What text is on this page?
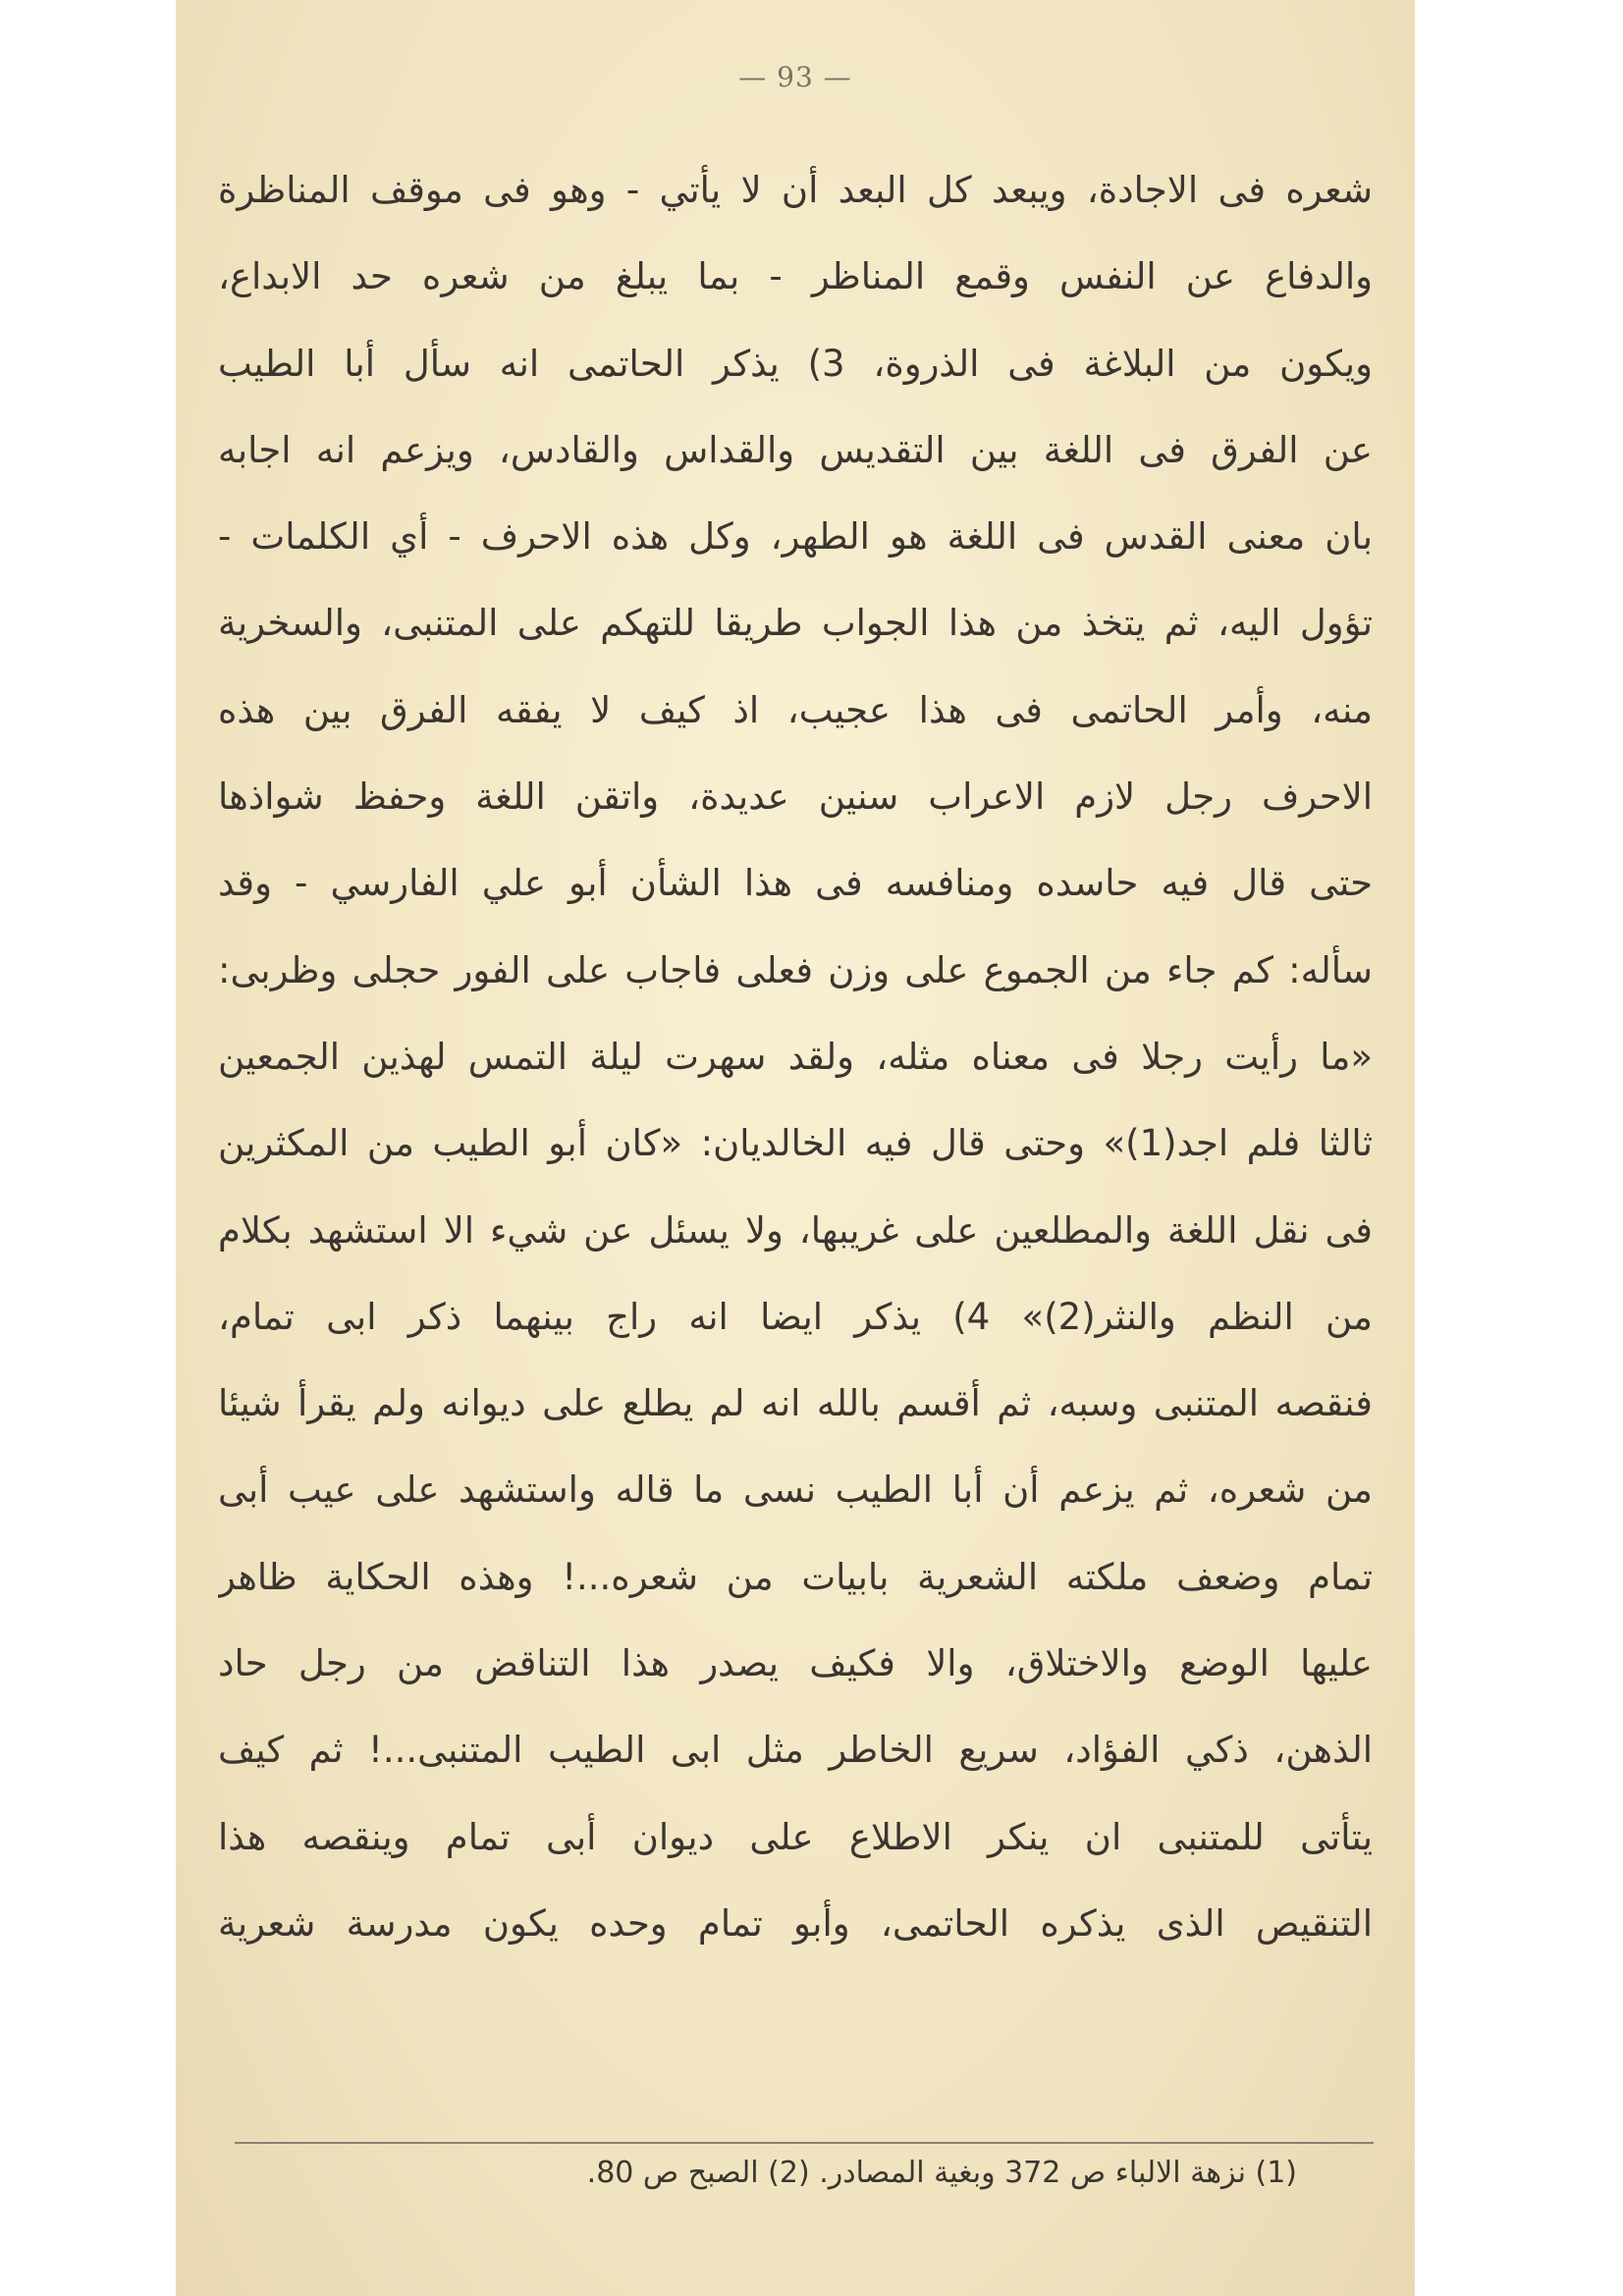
— 93 —
شعره فى الاجادة، ويبعد كل البعد أن لا يأتي - وهو فى موقف المناظرة
والدفاع عن النفس وقمع المناظر - بما يبلغ من شعره حد الابداع،
ويكون من البلاغة فى الذروة، 3) يذكر الحاتمى انه سأل أبا الطيب
عن الفرق فى اللغة بين التقديس والقداس والقادس، ويزعم انه اجابه
بان معنى القدس فى اللغة هو الطهر، وكل هذه الاحرف - أي الكلمات -
تؤول اليه، ثم يتخذ من هذا الجواب طريقا للتهكم على المتنبى، والسخرية
منه، وأمر الحاتمى فى هذا عجيب، اذ كيف لا يفقه الفرق بين هذه
الاحرف رجل لازم الاعراب سنين عديدة، واتقن اللغة وحفظ شواذها
حتى قال فيه حاسده ومنافسه فى هذا الشأن أبو علي الفارسي - وقد
سأله: كم جاء من الجموع على وزن فعلى فاجاب على الفور حجلى وظربى:
«ما رأيت رجلا فى معناه مثله، ولقد سهرت ليلة التمس لهذين الجمعين
ثالثا فلم اجد(1)» وحتى قال فيه الخالديان: «كان أبو الطيب من المكثرين
فى نقل اللغة والمطلعين على غريبها، ولا يسئل عن شيء الا استشهد بكلام
من النظم والنثر(2)» 4) يذكر ايضا انه راج بينهما ذكر ابى تمام،
فنقصه المتنبى وسبه، ثم أقسم بالله انه لم يطلع على ديوانه ولم يقرأ شيئا
من شعره، ثم يزعم أن أبا الطيب نسى ما قاله واستشهد على عيب أبى
تمام وضعف ملكته الشعرية بابيات من شعره...! وهذه الحكاية ظاهر
عليها الوضع والاختلاق، والا فكيف يصدر هذا التناقض من رجل حاد
الذهن، ذكي الفؤاد، سريع الخاطر مثل ابى الطيب المتنبى...! ثم كيف
يتأتى للمتنبى ان ينكر الاطلاع على ديوان أبى تمام وينقصه هذا
التنقيص الذى يذكره الحاتمى، وأبو تمام وحده يكون مدرسة شعرية
(1) نزهة الالباء ص 372 وبغية المصادر. (2) الصبح ص 80.
